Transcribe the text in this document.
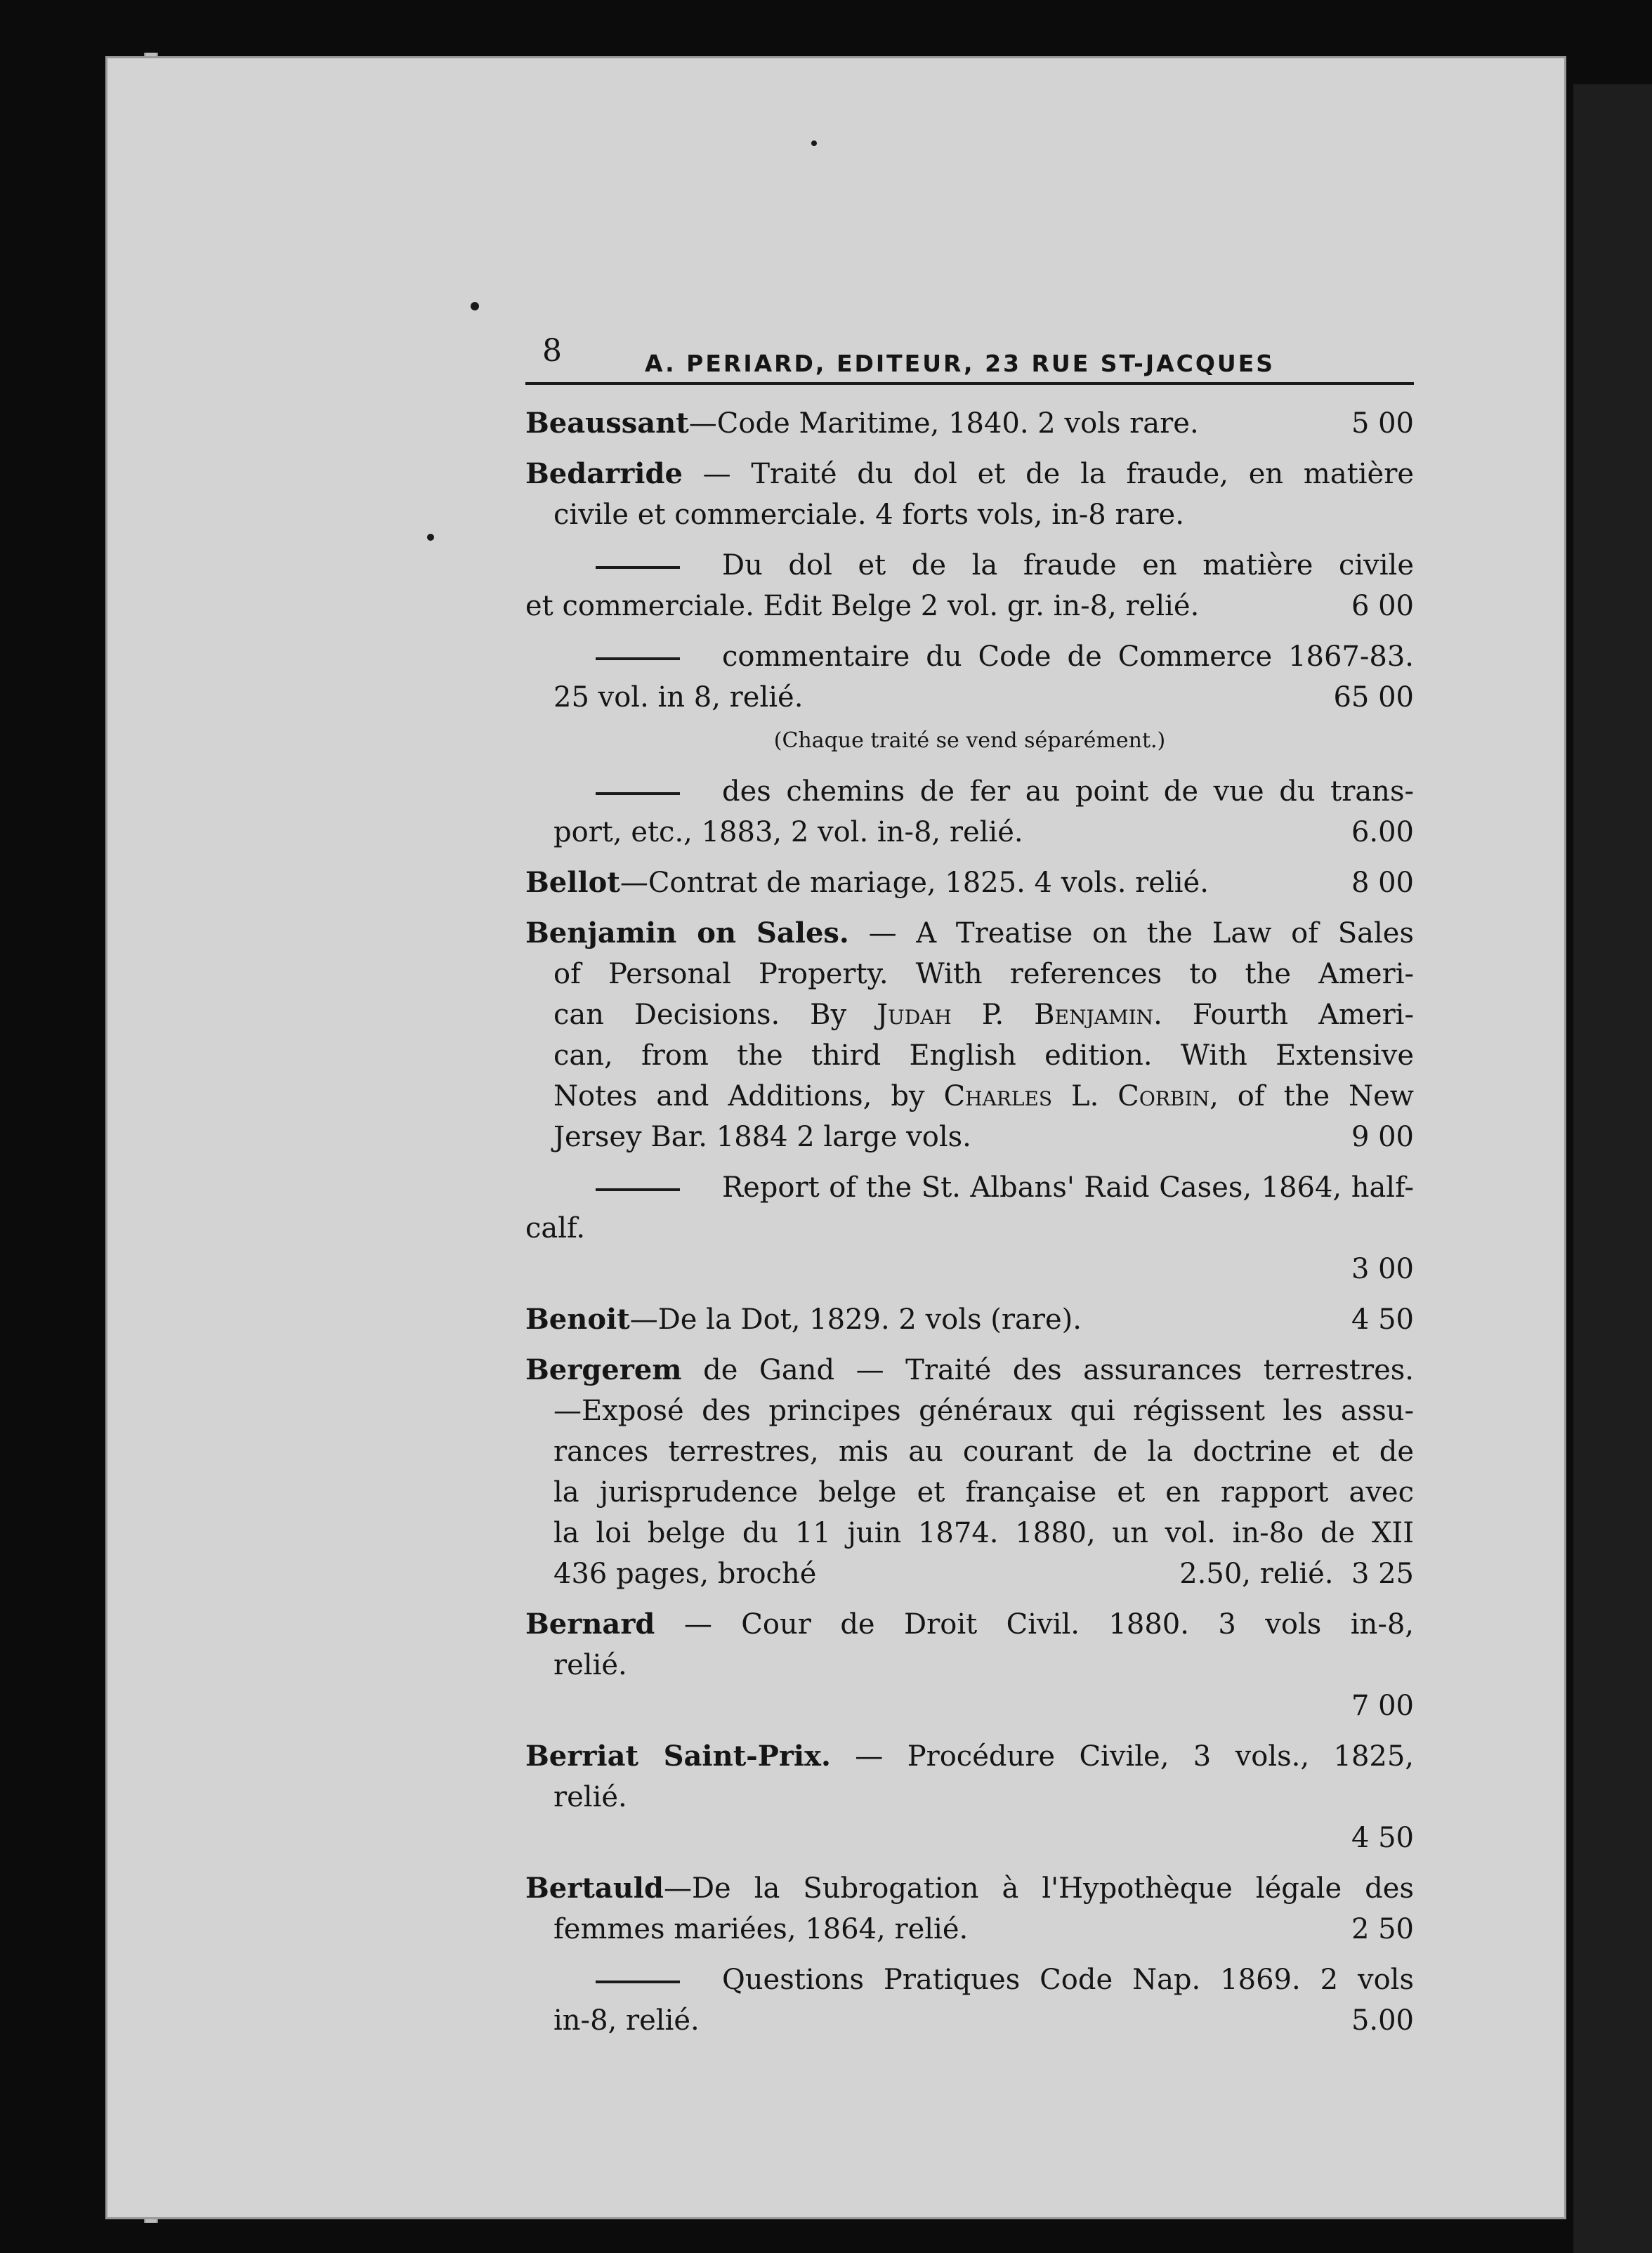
8	A. PERIARD, EDITEUR, 23 RUE ST-JACQUES
Beaussant—Code Maritime, 1840. 2 vols rare.	5 00

Bedarride — Traité du dol et de la fraude, en matière

civile et commerciale. 4 forts vols, in-8 rare.

Du dol et de la fraude en matière civile

et commerciale. Edit Belge 2 vol. gr. in-8, relié.	6 00

commentaire du Code de Commerce 1867-83.

25 vol. in 8, relié.	65 00
(Chaque traité se vend séparément.)

des chemins de fer au point de vue du trans-

port, etc., 1883, 2 vol. in-8, relié.	6.00
Bellot—Contrat de mariage, 1825. 4 vols. relié.	8 00

Benjamin on Sales. — A Treatise on the Law of Sales

of Personal Property. With references to the Ameri-

can Decisions. By Judah P. Benjamin. Fourth Ameri-

can, from the third English edition. With Extensive

Notes and Additions, by Charles L. Corbin, of the New

Jersey Bar. 1884 2 large vols.	9 00

Report of the St. Albans' Raid Cases, 1864, half-

calf.

3 00
Benoit—De la Dot, 1829. 2 vols (rare).	4 50

Bergerem de Gand — Traité des assurances terrestres.

—Exposé des principes généraux qui régissent les assu-

rances terrestres, mis au courant de la doctrine et de

la jurisprudence belge et française et en rapport avec

la loi belge du 11 juin 1874. 1880, un vol. in-8o de XII

436 pages, broché	2.50, relié. 3 25

Bernard — Cour de Droit Civil. 1880. 3 vols in-8,

relié.

7 00

Berriat Saint-Prix. — Procédure Civile, 3 vols., 1825,

relié.

4 50

Bertauld—De la Subrogation à l'Hypothèque légale des

femmes mariées, 1864, relié.	2 50

Questions Pratiques Code Nap. 1869. 2 vols

in-8, relié.	5.00
